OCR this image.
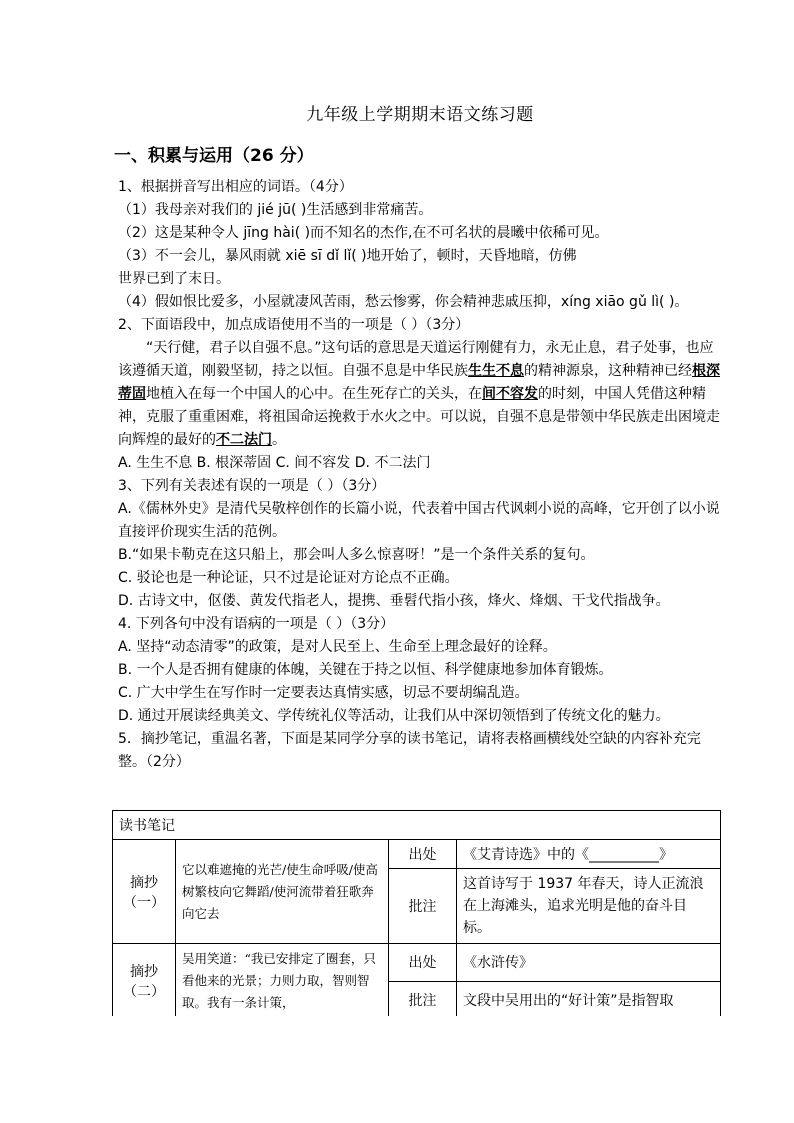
九年级上学期期末语文练习题

一、积累与运用（26 分）

1、根据拼音写出相应的词语。（4分）

（1）我母亲对我们的 jié jū( )生活感到非常痛苦。

（2）这是某种令人 jīng hài( )而不知名的杰作,在不可名状的晨曦中依稀可见。

（3）不一会儿，暴风雨就 xiē sī dǐ lǐ( )地开始了，顿时，天昏地暗，仿佛

世界已到了末日。

（4）假如恨比爱多，小屋就凄风苦雨，愁云惨雾，你会精神悲戚压抑，xíng xiāo gǔ lì( )。

2、下面语段中，加点成语使用不当的一项是（ ）（3分）

“天行健，君子以自强不息。”这句话的意思是天道运行刚健有力，永无止息，君子处事，也应该遵循天道，刚毅坚韧，持之以恒。自强不息是中华民族生生不息的精神源泉，这种精神已经根深蒂固地植入在每一个中国人的心中。在生死存亡的关头，在间不容发的时刻，中国人凭借这种精神，克服了重重困难，将祖国命运挽救于水火之中。可以说，自强不息是带领中华民族走出困境走向辉煌的最好的不二法门。

A. 生生不息 B. 根深蒂固 C. 间不容发 D. 不二法门

3、下列有关表述有误的一项是（ ）（3分）

A.《儒林外史》是清代吴敬梓创作的长篇小说，代表着中国古代讽刺小说的高峰，它开创了以小说直接评价现实生活的范例。

B.“如果卡勒克在这只船上，那会叫人多么惊喜呀！”是一个条件关系的复句。

C. 驳论也是一种论证，只不过是论证对方论点不正确。

D. 古诗文中，伛偻、黄发代指老人，提携、垂髫代指小孩，烽火、烽烟、干戈代指战争。

4. 下列各句中没有语病的一项是（ ）（3分）

A. 坚持“动态清零”的政策，是对人民至上、生命至上理念最好的诠释。

B. 一个人是否拥有健康的体魄，关键在于持之以恒、科学健康地参加体育锻炼。

C. 广大中学生在写作时一定要表达真情实感，切忌不要胡编乱造。

D. 通过开展读经典美文、学传统礼仪等活动，让我们从中深切领悟到了传统文化的魅力。

5．摘抄笔记，重温名著，下面是某同学分享的读书笔记，请将表格画横线处空缺的内容补充完整。（2分）

读书笔记			
摘抄（一）	它以难遮掩的光芒/使生命呼吸/使高树繁枝向它舞蹈/使河流带着狂歌奔向它去	出处	《艾青诗选》中的《__________》
		批注	这首诗写于 1937 年春天，诗人正流浪在上海滩头，追求光明是他的奋斗目标。
摘抄（二）	吴用笑道：“我已安排定了圈套，只看他来的光景；力则力取，智则智取。我有一条计策，	出处	《水浒传》
		批注	文段中吴用出的“好计策”是指智取
